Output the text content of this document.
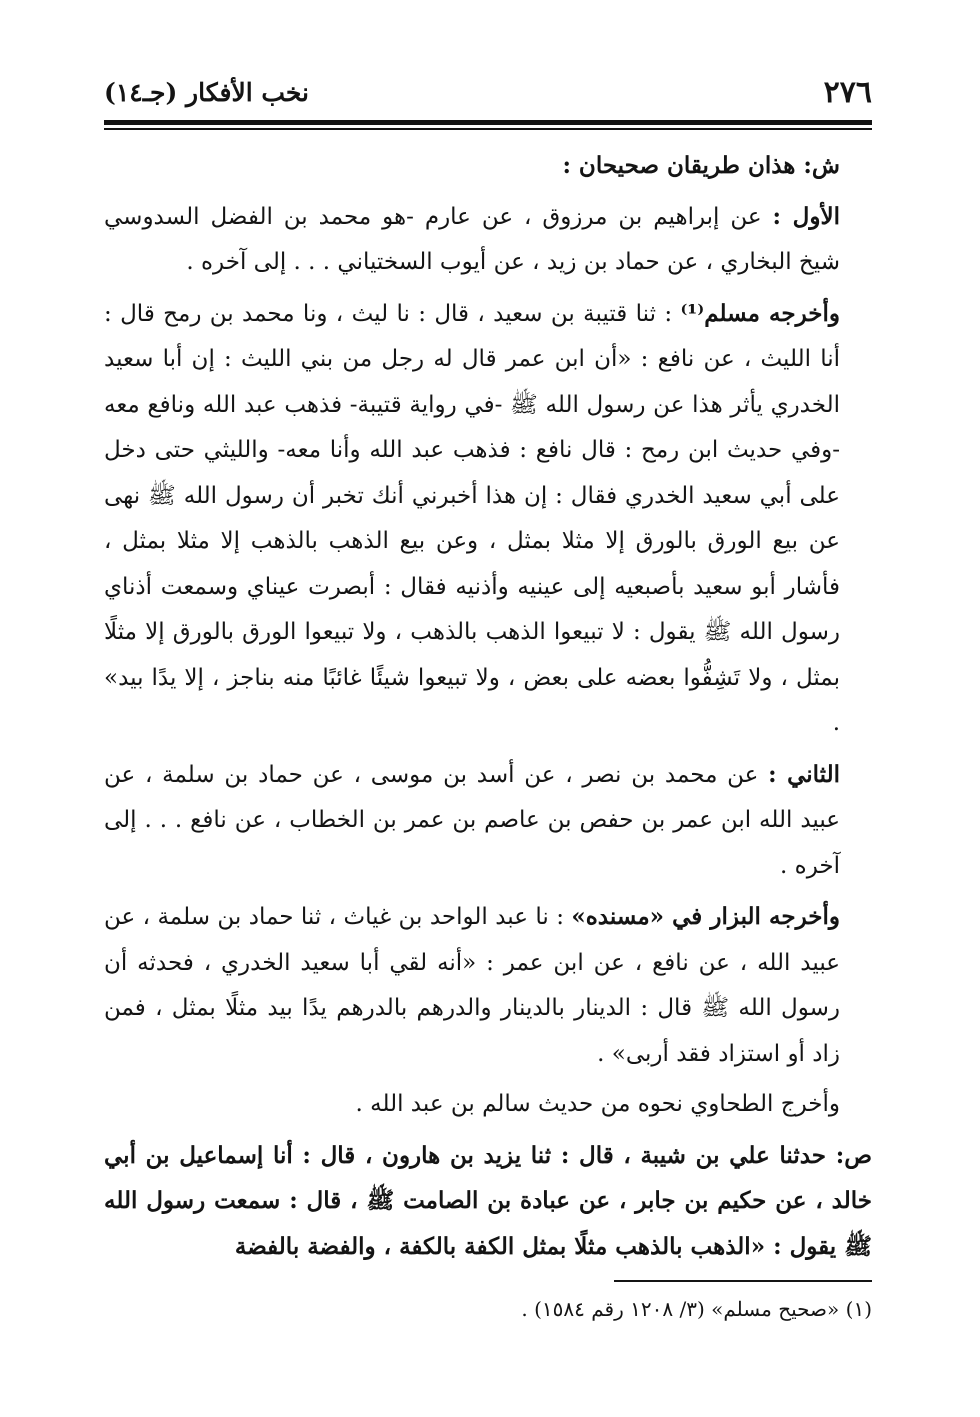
٢٧٦
نخب الأفكار (جـ١٤)

ش: هذان طريقان صحيحان :

الأول : عن إبراهيم بن مرزوق ، عن عارم -هو محمد بن الفضل السدوسي شيخ البخاري ، عن حماد بن زيد ، عن أيوب السختياني . . . إلى آخره .

وأخرجه مسلم⁽¹⁾ : ثنا قتيبة بن سعيد ، قال : نا ليث ، ونا محمد بن رمح قال : أنا الليث ، عن نافع : «أن ابن عمر قال له رجل من بني الليث : إن أبا سعيد الخدري يأثر هذا عن رسول الله ﷺ -في رواية قتيبة- فذهب عبد الله ونافع معه -وفي حديث ابن رمح : قال نافع : فذهب عبد الله وأنا معه- والليثي حتى دخل على أبي سعيد الخدري فقال : إن هذا أخبرني أنك تخبر أن رسول الله ﷺ نهى عن بيع الورق بالورق إلا مثلا بمثل ، وعن بيع الذهب بالذهب إلا مثلا بمثل ، فأشار أبو سعيد بأصبعيه إلى عينيه وأذنيه فقال : أبصرت عيناي وسمعت أذناي رسول الله ﷺ يقول : لا تبيعوا الذهب بالذهب ، ولا تبيعوا الورق بالورق إلا مثلًا بمثل ، ولا تَشِفُّوا بعضه على بعض ، ولا تبيعوا شيئًا غائبًا منه بناجز ، إلا يدًا بيد» .

الثاني : عن محمد بن نصر ، عن أسد بن موسى ، عن حماد بن سلمة ، عن عبيد الله ابن عمر بن حفص بن عاصم بن عمر بن الخطاب ، عن نافع . . . إلى آخره .

وأخرجه البزار في «مسنده» : نا عبد الواحد بن غياث ، ثنا حماد بن سلمة ، عن عبيد الله ، عن نافع ، عن ابن عمر : «أنه لقي أبا سعيد الخدري ، فحدثه أن رسول الله ﷺ قال : الدينار بالدينار والدرهم بالدرهم يدًا بيد مثلًا بمثل ، فمن زاد أو استزاد فقد أربى» .

وأخرج الطحاوي نحوه من حديث سالم بن عبد الله .

ص: حدثنا علي بن شيبة ، قال : ثنا يزيد بن هارون ، قال : أنا إسماعيل بن أبي خالد ، عن حكيم بن جابر ، عن عبادة بن الصامت ﷺ ، قال : سمعت رسول الله ﷺ يقول : «الذهب بالذهب مثلًا بمثل الكفة بالكفة ، والفضة بالفضة

(١) «صحيح مسلم» (٣/ ١٢٠٨ رقم ١٥٨٤) .
